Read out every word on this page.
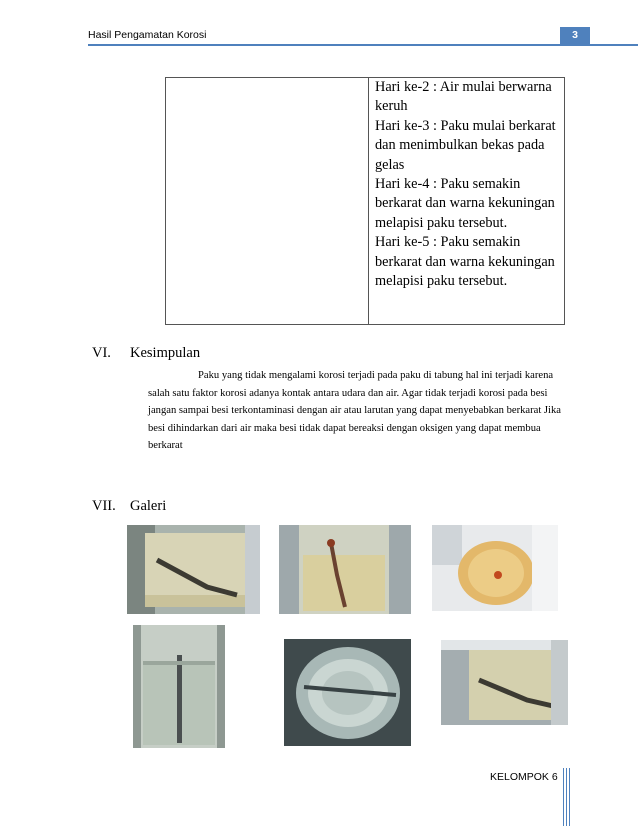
Hasil Pengamatan Korosi	3

Hari ke-2 : Air mulai berwarna keruh

Hari ke-3 : Paku mulai berkarat dan menimbulkan bekas pada gelas

Hari ke-4 : Paku semakin berkarat dan warna kekuningan melapisi paku tersebut.

Hari ke-5 : Paku semakin berkarat dan warna kekuningan melapisi paku tersebut.

VI. Kesimpulan

Paku yang tidak mengalami korosi terjadi pada paku di tabung hal ini terjadi karena salah satu faktor korosi adanya kontak antara udara dan air. Agar tidak terjadi korosi pada besi jangan sampai besi terkontaminasi dengan air atau larutan yang dapat menyebabkan berkarat Jika besi dihindarkan dari air maka besi tidak dapat bereaksi dengan oksigen yang dapat membua berkarat

VII. Galeri
KELOMPOK 6
